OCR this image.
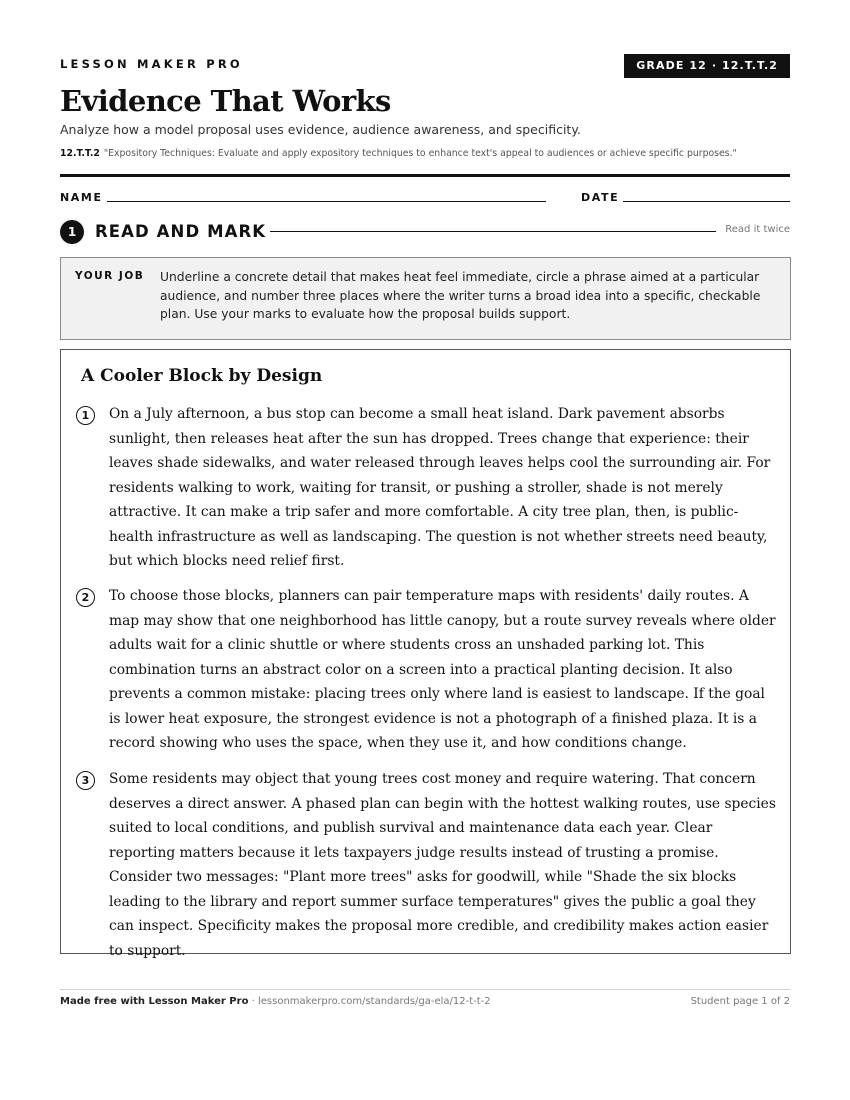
LESSON MAKER PRO	GRADE 12 · 12.T.T.2
Evidence That Works
Analyze how a model proposal uses evidence, audience awareness, and specificity.
12.T.T.2 "Expository Techniques: Evaluate and apply expository techniques to enhance text's appeal to audiences or achieve specific purposes."
NAME	DATE
1	READ AND MARK	Read it twice
YOUR JOB Underline a concrete detail that makes heat feel immediate, circle a phrase aimed at a particular audience, and number three places where the writer turns a broad idea into a specific, checkable plan. Use your marks to evaluate how the proposal builds support.
A Cooler Block by Design
1	On a July afternoon, a bus stop can become a small heat island. Dark pavement absorbs sunlight, then releases heat after the sun has dropped. Trees change that experience: their leaves shade sidewalks, and water released through leaves helps cool the surrounding air. For residents walking to work, waiting for transit, or pushing a stroller, shade is not merely attractive. It can make a trip safer and more comfortable. A city tree plan, then, is public-health infrastructure as well as landscaping. The question is not whether streets need beauty, but which blocks need relief first.

2	To choose those blocks, planners can pair temperature maps with residents' daily routes. A map may show that one neighborhood has little canopy, but a route survey reveals where older adults wait for a clinic shuttle or where students cross an unshaded parking lot. This combination turns an abstract color on a screen into a practical planting decision. It also prevents a common mistake: placing trees only where land is easiest to landscape. If the goal is lower heat exposure, the strongest evidence is not a photograph of a finished plaza. It is a record showing who uses the space, when they use it, and how conditions change.

3	Some residents may object that young trees cost money and require watering. That concern deserves a direct answer. A phased plan can begin with the hottest walking routes, use species suited to local conditions, and publish survival and maintenance data each year. Clear reporting matters because it lets taxpayers judge results instead of trusting a promise. Consider two messages: "Plant more trees" asks for goodwill, while "Shade the six blocks leading to the library and report summer surface temperatures" gives the public a goal they can inspect. Specificity makes the proposal more credible, and credibility makes action easier to support.

Made free with Lesson Maker Pro · lessonmakerpro.com/standards/ga-ela/12-t-t-2	Student page 1 of 2
